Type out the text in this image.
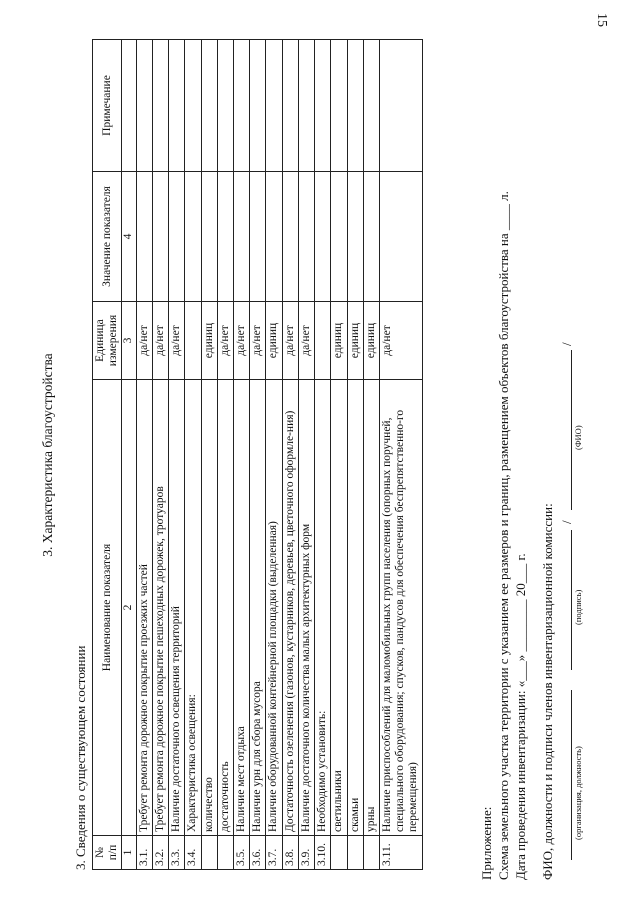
15
3. Характеристика благоустройства
3. Сведения о существующем состоянии №
п/п	Наименование показателя	Единица измерения	Значение показателя	Примечание
1	2	3	4	
3.1.	Требует ремонта дорожное покрытие проезжих частей	да/нет		
3.2.	Требует ремонта дорожное покрытие пешеходных дорожек, тротуаров	да/нет		
3.3.	Наличие достаточного освещения территорий	да/нет		
3.4.	Характеристика освещения:			
	количество	единиц		
	достаточность	да/нет		
3.5.	Наличие мест отдыха	да/нет		
3.6.	Наличие урн для сбора мусора	да/нет		
3.7.	Наличие оборудованной контейнерной площадки (выделенная)	единиц		
3.8.	Достаточность озеленения (газонов, кустарников, деревьев, цветочного оформле-ния)	да/нет		
3.9.	Наличие достаточного количества малых архитектурных форм	да/нет		
3.10.	Необходимо установить:			
	светильники	единиц		
	скамьи	единиц		
	урны	единиц		
3.11.	Наличие приспособлений для маломобильных групп населения (опорных поручней, специального оборудования; спусков, пандусов для обеспечения беспрепятственно-го перемещения)	да/нет		
Приложение: Схема земельного участка территории с указанием ее размеров и границ, размещением объектов благоустройства на ____ л. Дата проведения инвентаризации: «___» ________ 20___ г. ФИО, должности и подписи членов инвентаризационной комиссии: (организация, должность)
/
(подпись)
/
(ФИО)
